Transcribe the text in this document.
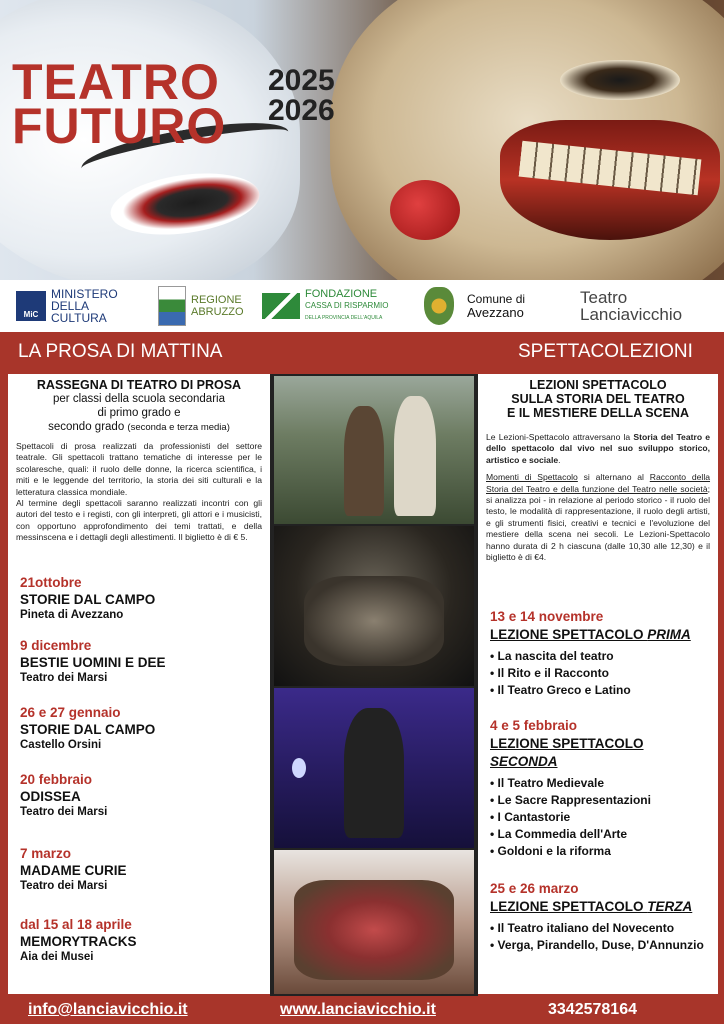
TEATRO
FUTURO
2025
2026
MiC
MINISTERO
DELLA
CULTURA
REGIONE
ABRUZZO
FONDAZIONE
CASSA DI RISPARMIO
DELLA PROVINCIA DELL'AQUILA
Comune di
Avezzano
Teatro
Lanciavicchio
LA PROSA DI MATTINA	SPETTACOLEZIONI
RASSEGNA DI TEATRO DI PROSA
per classi della scuola secondaria
di primo grado e
secondo grado (seconda e terza media)
Spettacoli di prosa realizzati da professionisti del settore teatrale. Gli spettacoli trattano tematiche di interesse per le scolaresche, quali: il ruolo delle donne, la ricerca scientifica, i miti e le leggende del territorio, la storia dei siti culturali e la letteratura classica mondiale.
Al termine degli spettacoli saranno realizzati incontri con gli autori del testo e i registi, con gli interpreti, gli attori e i musicisti, con opportuno approfondimento dei temi trattati, e della messinscena e i dettagli degli allestimenti. Il biglietto è di € 5.
21ottobre
STORIE DAL CAMPO
Pineta di Avezzano
9 dicembre
BESTIE UOMINI E DEE
Teatro dei Marsi
26 e 27 gennaio
STORIE DAL CAMPO
Castello Orsini
20 febbraio
ODISSEA
Teatro dei Marsi
7 marzo
MADAME CURIE
Teatro dei Marsi
dal 15 al 18 aprile
MEMORYTRACKS
Aia dei Musei
LEZIONI SPETTACOLO
SULLA STORIA DEL TEATRO
E IL MESTIERE DELLA SCENA
Le Lezioni-Spettacolo attraversano la Storia del Teatro e dello spettacolo dal vivo nel suo sviluppo storico, artistico e sociale.
Momenti di Spettacolo si alternano al Racconto della Storia del Teatro e della funzione del Teatro nelle società; si analizza poi - in relazione al periodo storico - il ruolo del testo, le modalità di rappresentazione, il ruolo degli artisti, e gli strumenti fisici, creativi e tecnici e l'evoluzione del mestiere della scena nei secoli. Le Lezioni-Spettacolo hanno durata di 2 h ciascuna (dalle 10,30 alle 12,30) e il biglietto è di €4.
13 e 14 novembre
LEZIONE SPETTACOLO PRIMA
• La nascita del teatro
• Il Rito e il Racconto
• Il Teatro Greco e Latino
4 e 5 febbraio
LEZIONE SPETTACOLO
SECONDA
• Il Teatro Medievale
• Le Sacre Rappresentazioni
• I Cantastorie
• La Commedia dell'Arte
• Goldoni e la riforma
25 e 26 marzo
LEZIONE SPETTACOLO TERZA
• Il Teatro italiano del Novecento
• Verga, Pirandello, Duse, D'Annunzio
info@lanciavicchio.it	www.lanciavicchio.it	3342578164
